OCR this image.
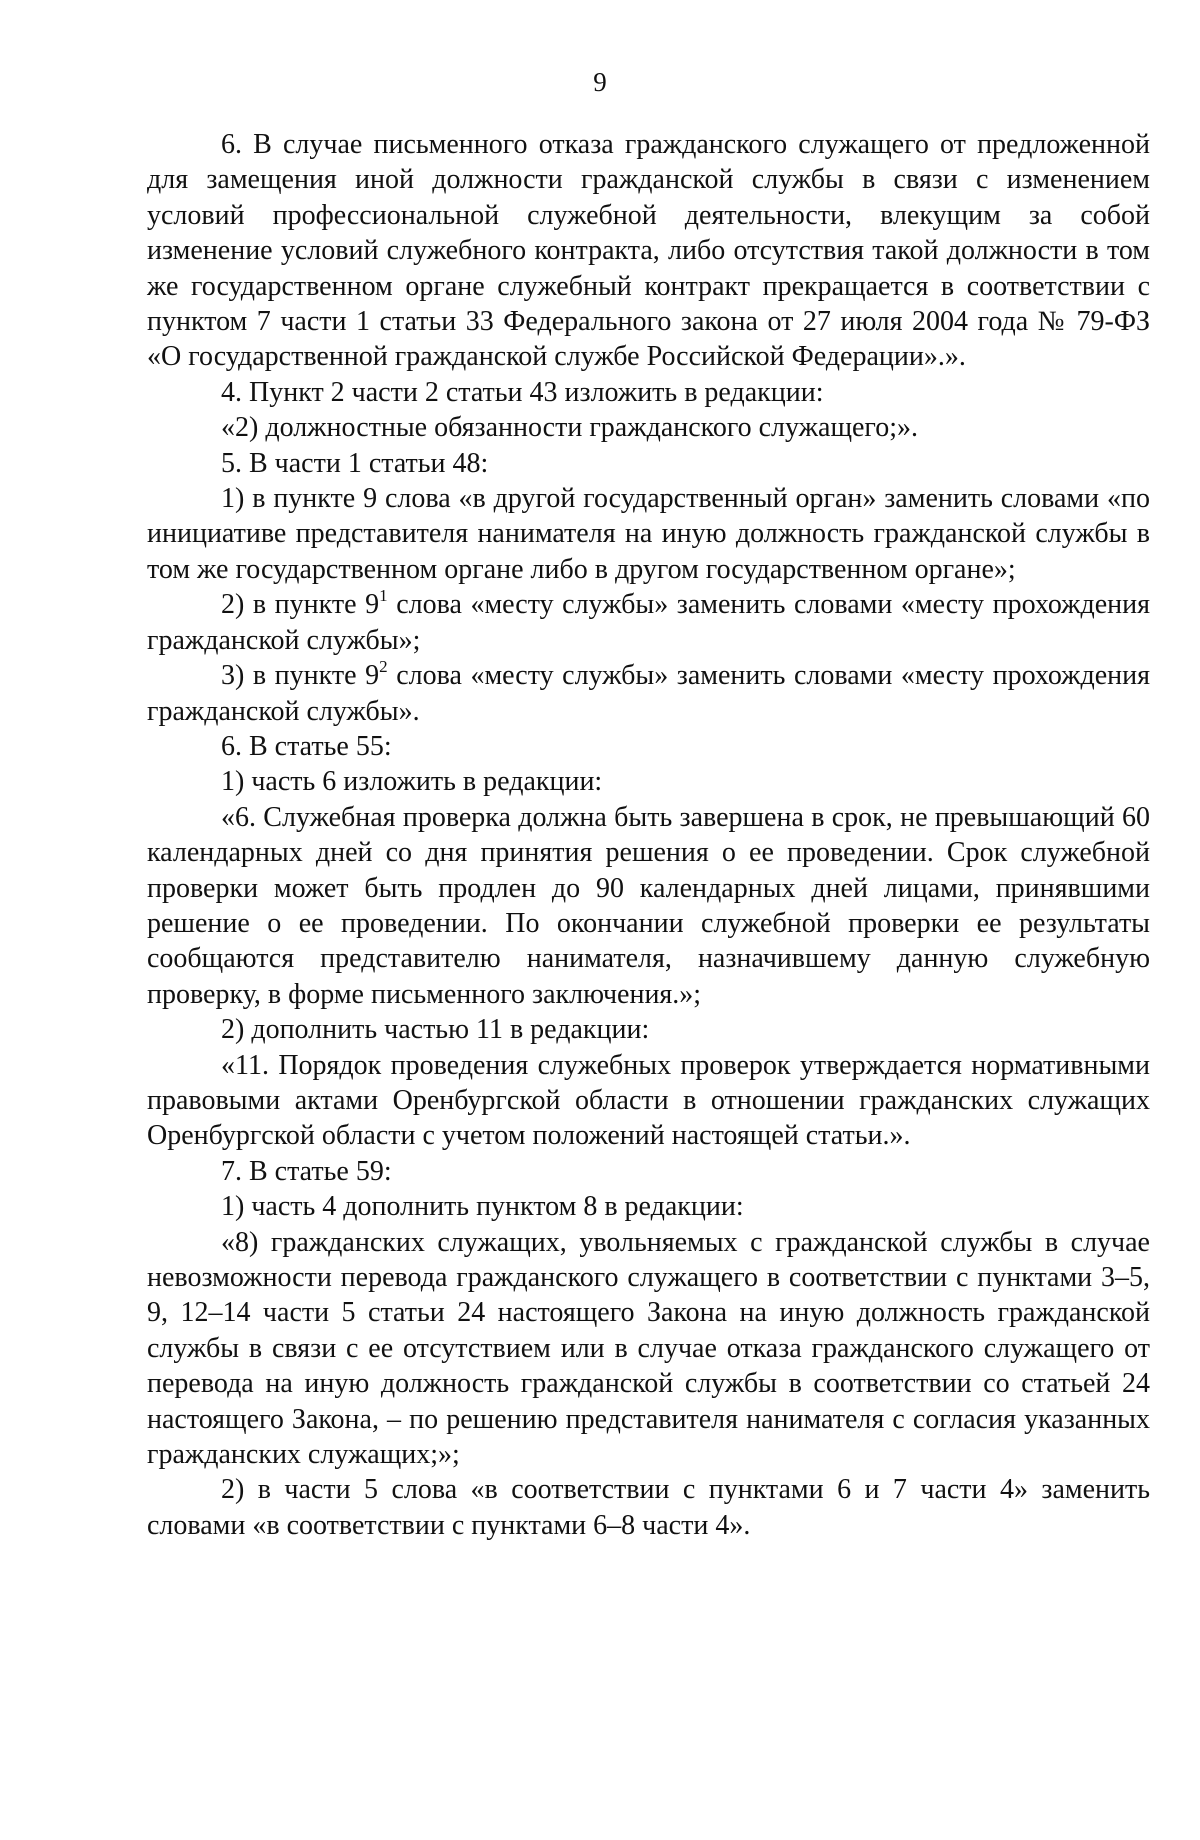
9

6. В случае письменного отказа гражданского служащего от предложенной для замещения иной должности гражданской службы в связи с изменением условий профессиональной служебной деятельности, влекущим за собой изменение условий служебного контракта, либо отсутствия такой должности в том же государственном органе служебный контракт прекращается в соответствии с пунктом 7 части 1 статьи 33 Федерального закона от 27 июля 2004 года № 79-ФЗ «О государственной гражданской службе Российской Федерации».».

4. Пункт 2 части 2 статьи 43 изложить в редакции:

«2) должностные обязанности гражданского служащего;».

5. В части 1 статьи 48:

1) в пункте 9 слова «в другой государственный орган» заменить словами «по инициативе представителя нанимателя на иную должность гражданской службы в том же государственном органе либо в другом государственном органе»;

2) в пункте $9^1$ слова «месту службы» заменить словами «месту прохождения гражданской службы»;

3) в пункте $9^2$ слова «месту службы» заменить словами «месту прохождения гражданской службы».

6. В статье 55:

1) часть 6 изложить в редакции:

«6. Служебная проверка должна быть завершена в срок, не превышающий 60 календарных дней со дня принятия решения о ее проведении. Срок служебной проверки может быть продлен до 90 календарных дней лицами, принявшими решение о ее проведении. По окончании служебной проверки ее результаты сообщаются представителю нанимателя, назначившему данную служебную проверку, в форме письменного заключения.»;

2) дополнить частью 11 в редакции:

«11. Порядок проведения служебных проверок утверждается нормативными правовыми актами Оренбургской области в отношении гражданских служащих Оренбургской области с учетом положений настоящей статьи.».

7. В статье 59:

1) часть 4 дополнить пунктом 8 в редакции:

«8) гражданских служащих, увольняемых с гражданской службы в случае невозможности перевода гражданского служащего в соответствии с пунктами 3–5, 9, 12–14 части 5 статьи 24 настоящего Закона на иную должность гражданской службы в связи с ее отсутствием или в случае отказа гражданского служащего от перевода на иную должность гражданской службы в соответствии со статьей 24 настоящего Закона, – по решению представителя нанимателя с согласия указанных гражданских служащих;»;

2) в части 5 слова «в соответствии с пунктами 6 и 7 части 4» заменить словами «в соответствии с пунктами 6–8 части 4».
